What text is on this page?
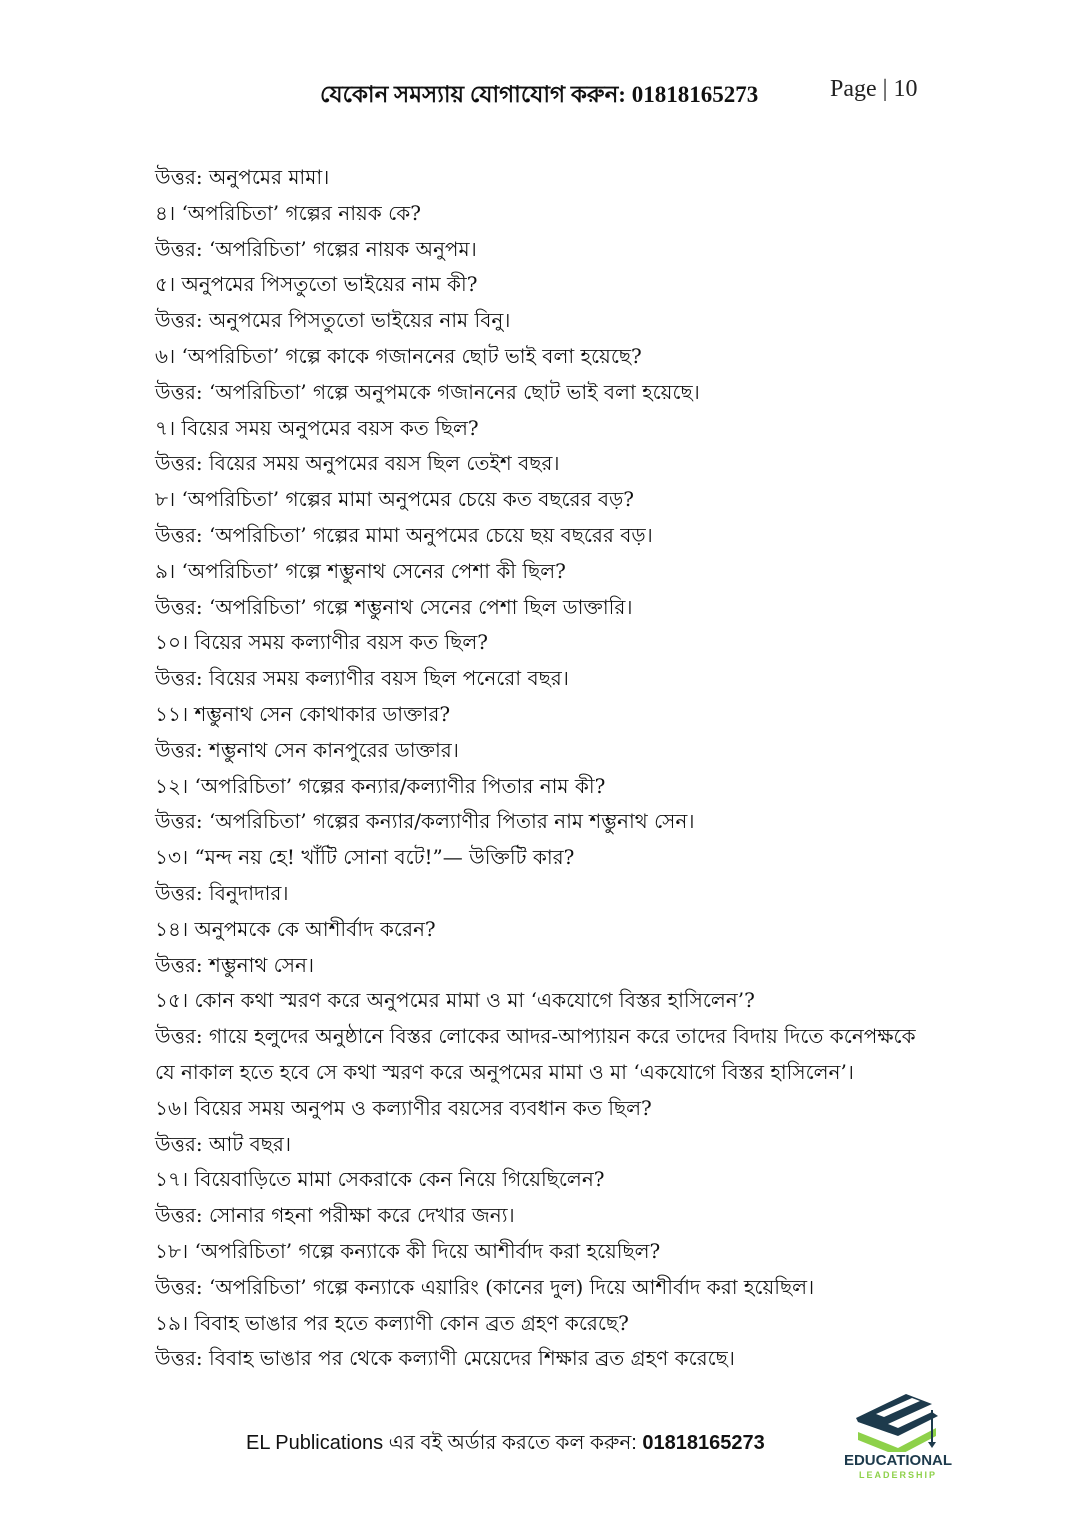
যেকোন সমস্যায় যোগাযোগ করুন: 01818165273	Page | 10
উত্তর: অনুপমের মামা।
৪। ‘অপরিচিতা’ গল্পের নায়ক কে?
উত্তর: ‘অপরিচিতা’ গল্পের নায়ক অনুপম।
৫। অনুপমের পিসতুতো ভাইয়ের নাম কী?
উত্তর: অনুপমের পিসতুতো ভাইয়ের নাম বিনু।
৬। ‘অপরিচিতা’ গল্পে কাকে গজাননের ছোট ভাই বলা হয়েছে?
উত্তর: ‘অপরিচিতা’ গল্পে অনুপমকে গজাননের ছোট ভাই বলা হয়েছে।
৭। বিয়ের সময় অনুপমের বয়স কত ছিল?
উত্তর: বিয়ের সময় অনুপমের বয়স ছিল তেইশ বছর।
৮। ‘অপরিচিতা’ গল্পের মামা অনুপমের চেয়ে কত বছরের বড়?
উত্তর: ‘অপরিচিতা’ গল্পের মামা অনুপমের চেয়ে ছয় বছরের বড়।
৯। ‘অপরিচিতা’ গল্পে শম্ভুনাথ সেনের পেশা কী ছিল?
উত্তর: ‘অপরিচিতা’ গল্পে শম্ভুনাথ সেনের পেশা ছিল ডাক্তারি।
১০। বিয়ের সময় কল্যাণীর বয়স কত ছিল?
উত্তর: বিয়ের সময় কল্যাণীর বয়স ছিল পনেরো বছর।
১১। শম্ভুনাথ সেন কোথাকার ডাক্তার?
উত্তর: শম্ভুনাথ সেন কানপুরের ডাক্তার।
১২। ‘অপরিচিতা’ গল্পের কন্যার/কল্যাণীর পিতার নাম কী?
উত্তর: ‘অপরিচিতা’ গল্পের কন্যার/কল্যাণীর পিতার নাম শম্ভুনাথ সেন।
১৩। “মন্দ নয় হে! খাঁটি সোনা বটে!”— উক্তিটি কার?
উত্তর: বিনুদাদার।
১৪। অনুপমকে কে আশীর্বাদ করেন?
উত্তর: শম্ভুনাথ সেন।
১৫। কোন কথা স্মরণ করে অনুপমের মামা ও মা ‘একযোগে বিস্তর হাসিলেন’?
উত্তর: গায়ে হলুদের অনুষ্ঠানে বিস্তর লোকের আদর-আপ্যায়ন করে তাদের বিদায় দিতে কনেপক্ষকে
যে নাকাল হতে হবে সে কথা স্মরণ করে অনুপমের মামা ও মা ‘একযোগে বিস্তর হাসিলেন’।
১৬। বিয়ের সময় অনুপম ও কল্যাণীর বয়সের ব্যবধান কত ছিল?
উত্তর: আট বছর।
১৭। বিয়েবাড়িতে মামা সেকরাকে কেন নিয়ে গিয়েছিলেন?
উত্তর: সোনার গহনা পরীক্ষা করে দেখার জন্য।
১৮। ‘অপরিচিতা’ গল্পে কন্যাকে কী দিয়ে আশীর্বাদ করা হয়েছিল?
উত্তর: ‘অপরিচিতা’ গল্পে কন্যাকে এয়ারিং (কানের দুল) দিয়ে আশীর্বাদ করা হয়েছিল।
১৯। বিবাহ ভাঙার পর হতে কল্যাণী কোন ব্রত গ্রহণ করেছে?
উত্তর: বিবাহ ভাঙার পর থেকে কল্যাণী মেয়েদের শিক্ষার ব্রত গ্রহণ করেছে।
EL Publications এর বই অর্ডার করতে কল করুন: 01818165273
EDUCATIONAL
LEADERSHIP
